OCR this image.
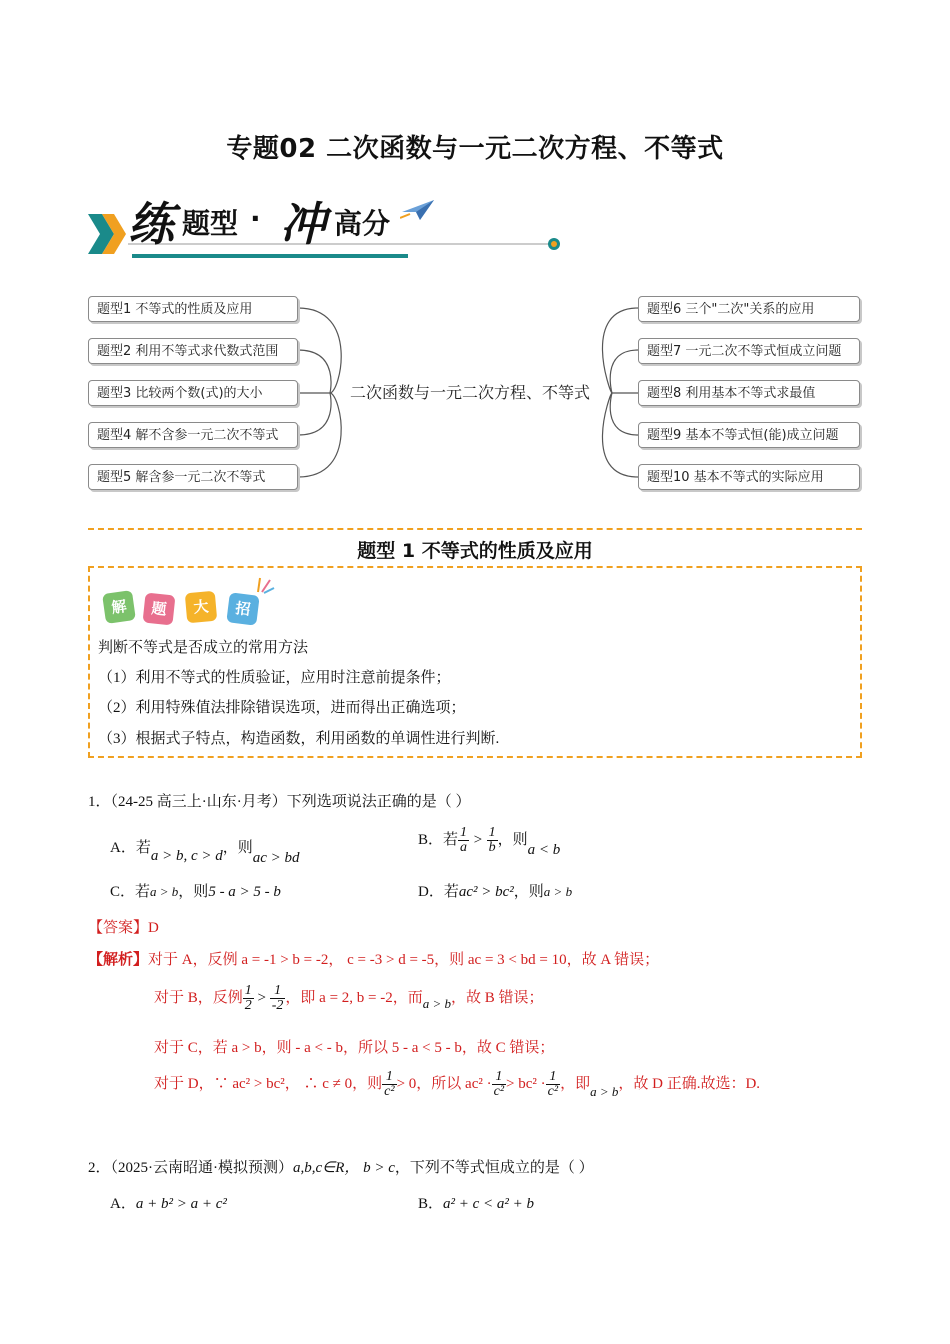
专题02 二次函数与一元二次方程、不等式
练 题型 · 冲 高分
二次函数与一元二次方程、不等式
题型1 不等式的性质及应用
题型2 利用不等式求代数式范围
题型3 比较两个数(式)的大小
题型4 解不含参一元二次不等式
题型5 解含参一元二次不等式
题型6 三个"二次"关系的应用
题型7 一元二次不等式恒成立问题
题型8 利用基本不等式求最值
题型9 基本不等式恒(能)成立问题
题型10 基本不等式的实际应用
题型 1 不等式的性质及应用
解	题	大	招
判断不等式是否成立的常用方法
（1）利用不等式的性质验证，应用时注意前提条件；
（2）利用特殊值法排除错误选项，进而得出正确选项；
（3）根据式子特点，构造函数，利用函数的单调性进行判断.
1．（24-25 高三上·山东·月考）下列选项说法正确的是（ ）
A．若a > b, c > d，则ac > bd
B．若 $\frac{1}{a} > \frac{1}{b}$ ，则a < b
C．若a > b，则5 - a > 5 - b	D．若ac² > bc²，则a > b
【答案】D
【解析】对于 A，反例 a = -1 > b = -2， c = -3 > d = -5，则 ac = 3 < bd = 10，故 A 错误；
对于 B，反例 $\frac{1}{2} > \frac{1}{-2}$ ，即 a = 2, b = -2，而a > b，故 B 错误；
对于 C，若 a > b，则 - a < - b，所以 5 - a < 5 - b，故 C 错误；
对于 D，∵ ac² > bc²， ∴ c ≠ 0，则 $\frac{1}{\text{c²}} > 0$，所以 $ac^2 \cdot \frac{1}{\text{c²}} > bc^2 \cdot \frac{1}{\text{c²}}$ ，即a > b，故 D 正确.故选：D.
2．（2025·云南昭通·模拟预测）a,b,c∈R， b > c，下列不等式恒成立的是（ ）
A．a + b² > a + c²	B．a² + c < a² + b
